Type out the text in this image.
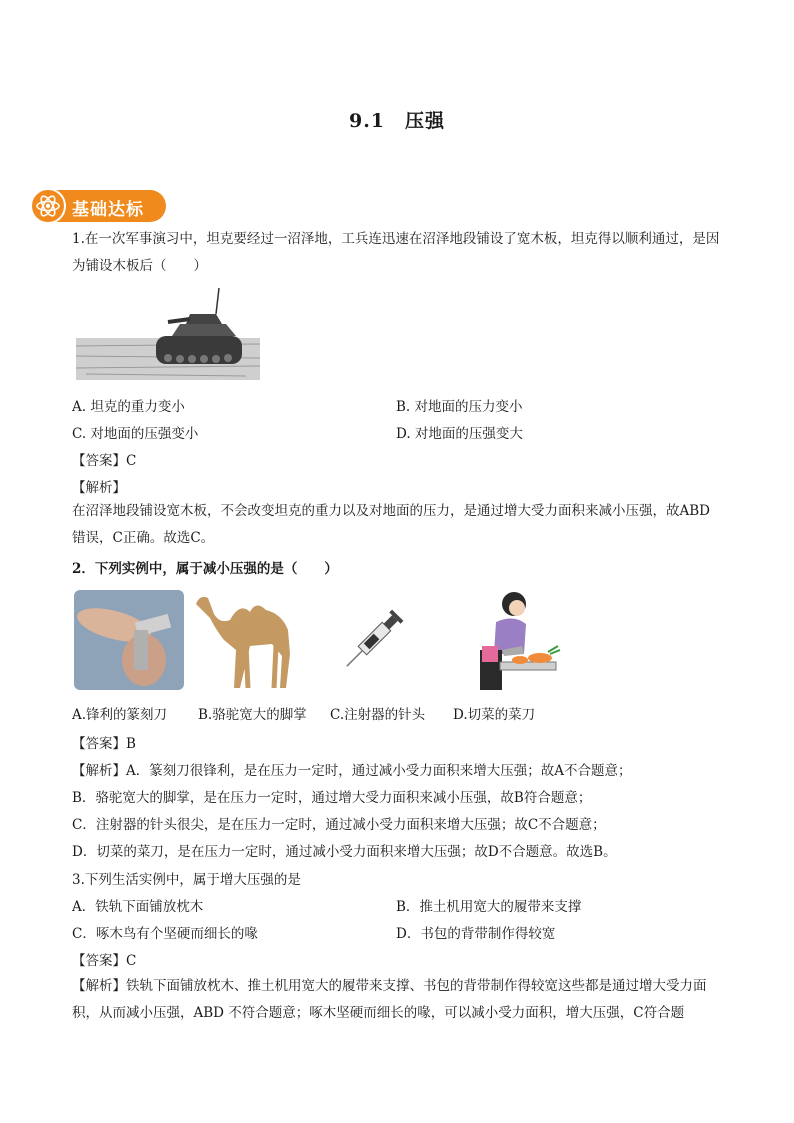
9.1　压强
基础达标
1.在一次军事演习中，坦克要经过一沼泽地，工兵连迅速在沼泽地段铺设了宽木板，坦克得以顺利通过，是因为铺设木板后（　　）
A. 坦克的重力变小	B. 对地面的压力变小
C. 对地面的压强变小	D. 对地面的压强变大
【答案】C
【解析】
在沼泽地段铺设宽木板，不会改变坦克的重力以及对地面的压力，是通过增大受力面积来减小压强，故ABD错误，C正确。故选C。
2．下列实例中，属于减小压强的是（　　）
A.锋利的篆刻刀 B.骆驼宽大的脚掌 C.注射器的针头 D.切菜的菜刀
【答案】B
【解析】A．篆刻刀很锋利，是在压力一定时，通过减小受力面积来增大压强；故A不合题意；
B．骆驼宽大的脚掌，是在压力一定时，通过增大受力面积来减小压强，故B符合题意；
C．注射器的针头很尖，是在压力一定时，通过减小受力面积来增大压强；故C不合题意；
D．切菜的菜刀，是在压力一定时，通过减小受力面积来增大压强；故D不合题意。故选B。
3.下列生活实例中，属于增大压强的是
A．铁轨下面铺放枕木	B．推土机用宽大的履带来支撑
C．啄木鸟有个坚硬而细长的喙	D．书包的背带制作得较宽
【答案】C
【解析】铁轨下面铺放枕木、推土机用宽大的履带来支撑、书包的背带制作得较宽这些都是通过增大受力面积，从而减小压强，ABD 不符合题意；啄木坚硬而细长的喙，可以减小受力面积，增大压强，C符合题
